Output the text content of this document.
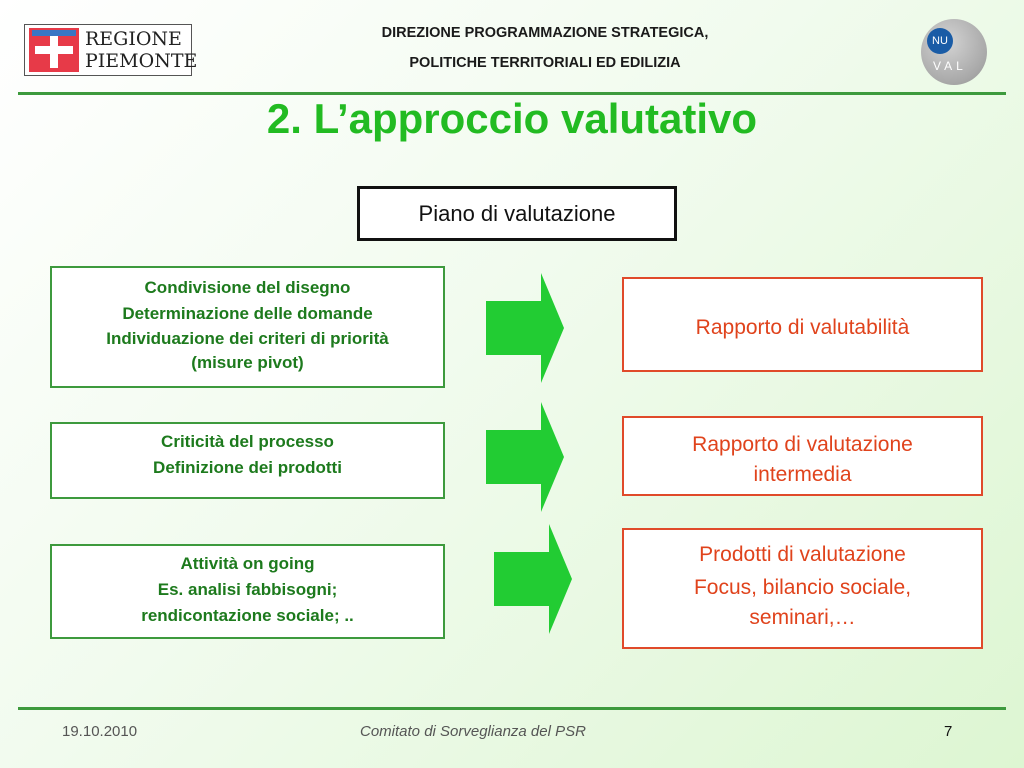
REGIONE
PIEMONTE
DIREZIONE PROGRAMMAZIONE STRATEGICA,
POLITICHE TERRITORIALI ED EDILIZIA
NU
VAL
2. L’approccio valutativo
Piano di valutazione
Condivisione del disegno
Determinazione delle domande
Individuazione dei criteri di priorità (misure pivot)
Rapporto di valutabilità
Criticità del processo
Definizione dei prodotti
Rapporto di valutazione intermedia
Attività on going
Es. analisi fabbisogni; rendicontazione sociale; ..
Prodotti di valutazione
Focus, bilancio sociale, seminari,…
19.10.2010	Comitato di Sorveglianza del PSR	7
